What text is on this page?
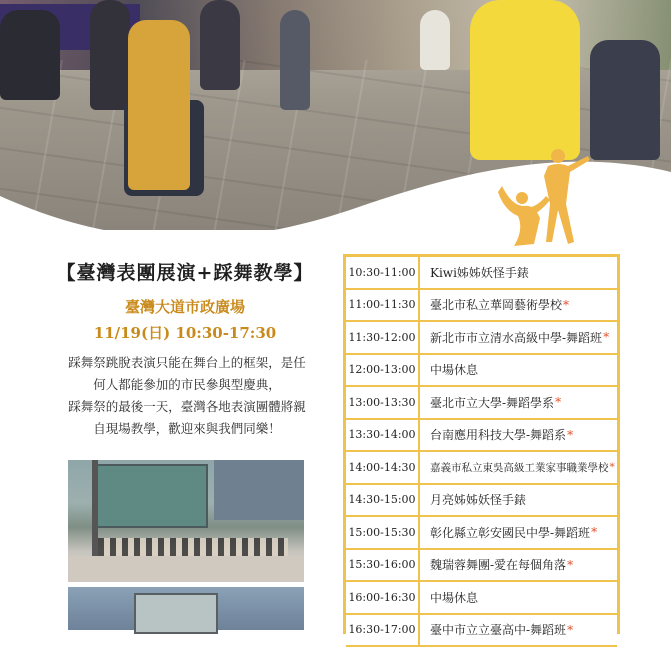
【臺灣表團展演+踩舞教學】
臺灣大道市政廣場
11/19(日) 10:30-17:30
踩舞祭跳脫表演只能在舞台上的框架，是任
何人都能參加的市民參與型慶典，
踩舞祭的最後一天，臺灣各地表演團體將親
自現場教學，歡迎來與我們同樂！
10:30-11:00	Kiwi姊姊妖怪手錶
11:00-11:30	臺北市私立華岡藝術學校 *
11:30-12:00	新北市市立清水高級中學-舞蹈班 *
12:00-13:00	中場休息
13:00-13:30	臺北市立大學-舞蹈學系 *
13:30-14:00	台南應用科技大學-舞蹈系 *
14:00-14:30	嘉義市私立東吳高級工業家事職業學校 *
14:30-15:00	月亮姊姊妖怪手錶
15:00-15:30	彰化縣立彰安國民中學-舞蹈班 *
15:30-16:00	魏瑞蓉舞團-愛在每個角落 *
16:00-16:30	中場休息
16:30-17:00	臺中市立立臺高中-舞蹈班 *
